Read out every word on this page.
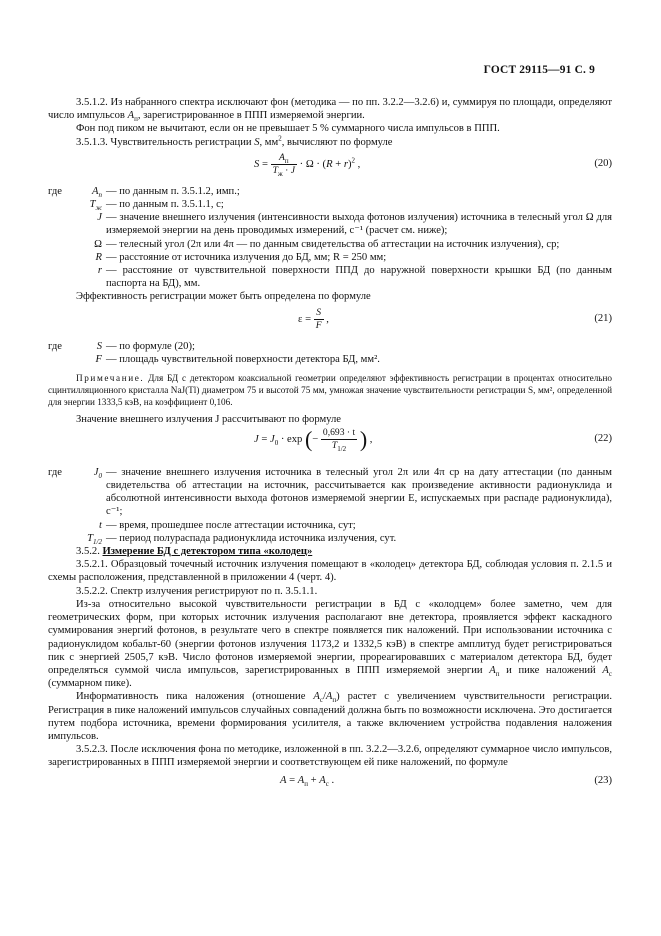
ГОСТ 29115—91 С. 9

3.5.1.2. Из набранного спектра исключают фон (методика — по пп. 3.2.2—3.2.6) и, суммируя по площади, определяют число импульсов $A_п$, зарегистрированное в ППП измеряемой энергии.

Фон под пиком не вычитают, если он не превышает 5 % суммарного числа импульсов в ППП.

3.5.1.3. Чувствительность регистрации S, $мм^2$, вычисляют по формуле

$S = \frac{A_п}{T_ж \cdot J} \cdot \Omega \cdot (R + r)^2$ ,	(20)
где	$A_п$ — по данным п. 3.5.1.2, имп.;
$T_ж$ — по данным п. 3.5.1.1, с;
J — значение внешнего излучения (интенсивности выхода фотонов излучения) источника в телесный угол Ω для измеряемой энергии на день проводимых измерений, с⁻¹ (расчет см. ниже);
Ω — телесный угол (2π или 4π — по данным свидетельства об аттестации на источник излучения), ср;
R — расстояние от источника излучения до БД, мм; R = 250 мм;
r — расстояние от чувствительной поверхности ППД до наружной поверхности крышки БД (по данным паспорта на БД), мм.

Эффективность регистрации может быть определена по формуле

$\varepsilon = \frac{S}{F}$ ,	(21)
где	S — по формуле (20);
F — площадь чувствительной поверхности детектора БД, мм².

Примечание. Для БД с детектором коаксиальной геометрии определяют эффективность регистрации в процентах относительно сцинтилляционного кристалла NaJ(Tl) диаметром 75 и высотой 75 мм, умножая значение чувствительности регистрации S, мм², определенной для энергии 1333,5 кэВ, на коэффициент 0,106.

Значение внешнего излучения J рассчитывают по формуле

$J = J_0 \cdot \exp$ (− $\frac{0,693 \cdot t}{T_{1/2}}$ ) ,	(22)
где	$J_0$ — значение внешнего излучения источника в телесный угол 2π или 4π ср на дату аттестации (по данным свидетельства об аттестации на источник, рассчитывается как произведение активности радионуклида и абсолютной интенсивности выхода фотонов измеряемой энергии E, испускаемых при распаде радионуклида), с⁻¹;
t — время, прошедшее после аттестации источника, сут;
$T_{1/2}$ — период полураспада радионуклида источника излучения, сут.

3.5.2. Измерение БД с детектором типа «колодец»

3.5.2.1. Образцовый точечный источник излучения помещают в «колодец» детектора БД, соблюдая условия п. 2.1.5 и схемы расположения, представленной в приложении 4 (черт. 4).

3.5.2.2. Спектр излучения регистрируют по п. 3.5.1.1.

Из-за относительно высокой чувствительности регистрации в БД с «колодцем» более заметно, чем для геометрических форм, при которых источник излучения располагают вне детектора, проявляется эффект каскадного суммирования энергий фотонов, в результате чего в спектре появляется пик наложений. При использовании источника с радионуклидом кобальт-60 (энергии фотонов излучения 1173,2 и 1332,5 кэВ) в спектре амплитуд будет регистрироваться пик с энергией 2505,7 кэВ. Число фотонов измеряемой энергии, прореагировавших с материалом детектора БД, будет определяться суммой числа импульсов, зарегистрированных в ППП измеряемой энергии $A_п$ и пике наложений $A_с$ (суммарном пике).

Информативность пика наложения (отношение $A_с/A_п$) растет с увеличением чувствительности регистрации. Регистрация в пике наложений импульсов случайных совпадений должна быть по возможности исключена. Это достигается путем подбора источника, времени формирования усилителя, а также включением устройства подавления наложения импульсов.

3.5.2.3. После исключения фона по методике, изложенной в пп. 3.2.2—3.2.6, определяют суммарное число импульсов, зарегистрированных в ППП измеряемой энергии и соответствующем ей пике наложений, по формуле

$A = A_п + A_с$ .	(23)
